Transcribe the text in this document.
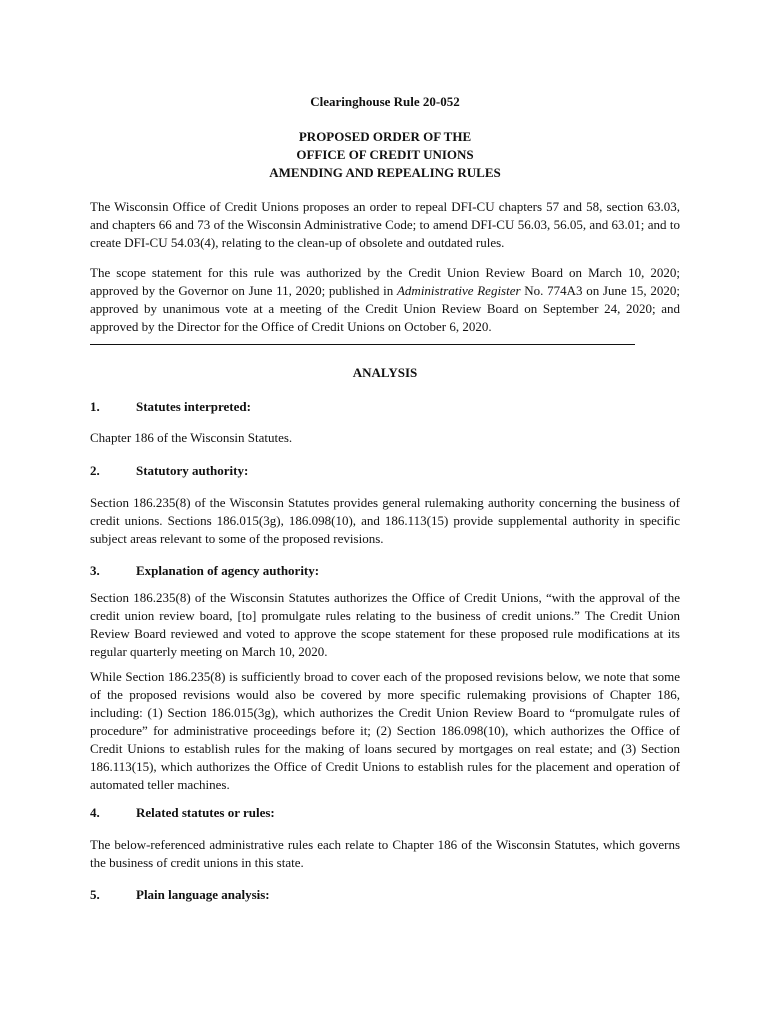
Clearinghouse Rule 20-052

PROPOSED ORDER OF THE

OFFICE OF CREDIT UNIONS

AMENDING AND REPEALING RULES

The Wisconsin Office of Credit Unions proposes an order to repeal DFI-CU chapters 57 and 58, section 63.03, and chapters 66 and 73 of the Wisconsin Administrative Code; to amend DFI-CU 56.03, 56.05, and 63.01; and to create DFI-CU 54.03(4), relating to the clean-up of obsolete and outdated rules.

The scope statement for this rule was authorized by the Credit Union Review Board on March 10, 2020; approved by the Governor on June 11, 2020; published in Administrative Register No. 774A3 on June 15, 2020; approved by unanimous vote at a meeting of the Credit Union Review Board on September 24, 2020; and approved by the Director for the Office of Credit Unions on October 6, 2020.

ANALYSIS

1.	Statutes interpreted:

Chapter 186 of the Wisconsin Statutes.

2.	Statutory authority:

Section 186.235(8) of the Wisconsin Statutes provides general rulemaking authority concerning the business of credit unions. Sections 186.015(3g), 186.098(10), and 186.113(15) provide supplemental authority in specific subject areas relevant to some of the proposed revisions.

3.	Explanation of agency authority:

Section 186.235(8) of the Wisconsin Statutes authorizes the Office of Credit Unions, “with the approval of the credit union review board, [to] promulgate rules relating to the business of credit unions.” The Credit Union Review Board reviewed and voted to approve the scope statement for these proposed rule modifications at its regular quarterly meeting on March 10, 2020.

While Section 186.235(8) is sufficiently broad to cover each of the proposed revisions below, we note that some of the proposed revisions would also be covered by more specific rulemaking provisions of Chapter 186, including: (1) Section 186.015(3g), which authorizes the Credit Union Review Board to “promulgate rules of procedure” for administrative proceedings before it; (2) Section 186.098(10), which authorizes the Office of Credit Unions to establish rules for the making of loans secured by mortgages on real estate; and (3) Section 186.113(15), which authorizes the Office of Credit Unions to establish rules for the placement and operation of automated teller machines.

4.	Related statutes or rules:

The below-referenced administrative rules each relate to Chapter 186 of the Wisconsin Statutes, which governs the business of credit unions in this state.

5.	Plain language analysis:
